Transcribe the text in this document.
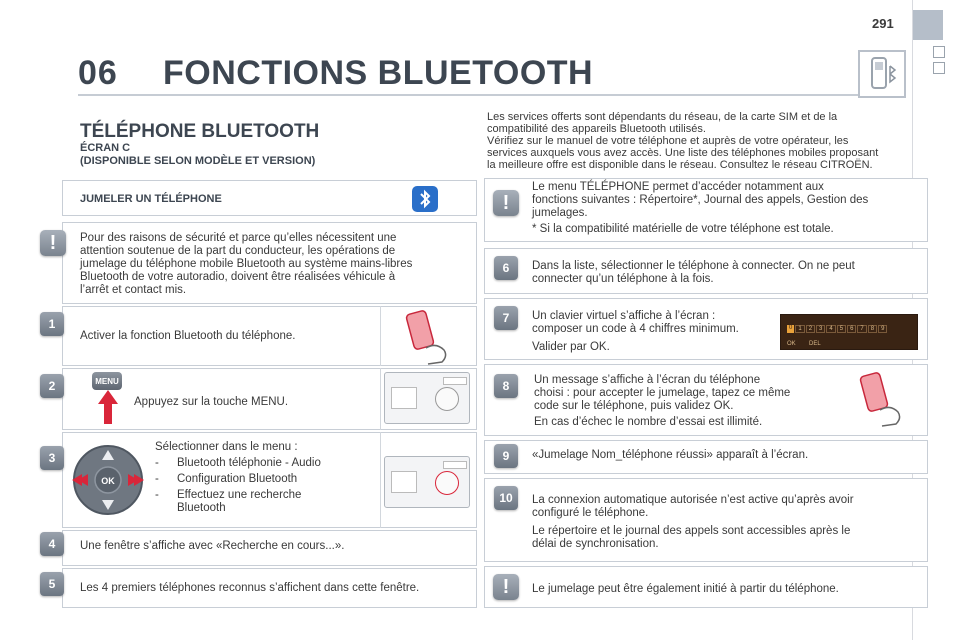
291
06 FONCTIONS BLUETOOTH
TÉLÉPHONE BLUETOOTH
ÉCRAN C
(DISPONIBLE SELON MODÈLE ET VERSION)
JUMELER UN TÉLÉPHONE
!	Pour des raisons de sécurité et parce qu’elles nécessitent une
attention soutenue de la part du conducteur, les opérations de
jumelage du téléphone mobile Bluetooth au système mains-libres
Bluetooth de votre autoradio, doivent être réalisées véhicule à
l’arrêt et contact mis.
1
Activer la fonction Bluetooth du téléphone.
2	MENU
Appuyez sur la touche MENU.
3
OK
Sélectionner dans le menu :
- Bluetooth téléphonie - Audio
- Configuration Bluetooth
- Effectuez une recherche
Bluetooth
4	Une fenêtre s’affiche avec «Recherche en cours...».
5	Les 4 premiers téléphones reconnus s’affichent dans cette fenêtre.
Les services offerts sont dépendants du réseau, de la carte SIM et de la
compatibilité des appareils Bluetooth utilisés.
Vérifiez sur le manuel de votre téléphone et auprès de votre opérateur, les
services auxquels vous avez accès. Une liste des téléphones mobiles proposant
la meilleure offre est disponible dans le réseau. Consultez le réseau CITROËN.
!
Le menu TÉLÉPHONE permet d’accéder notamment aux
fonctions suivantes : Répertoire*, Journal des appels, Gestion des
jumelages.
* Si la compatibilité matérielle de votre téléphone est totale.
6	Dans la liste, sélectionner le téléphone à connecter. On ne peut
connecter qu’un téléphone à la fois.
7	Un clavier virtuel s’affiche à l’écran :
composer un code à 4 chiffres minimum.
Valider par OK.
0	1	2	3	4	5	6	7	8	9
OK DEL
8	Un message s’affiche à l’écran du téléphone
choisi : pour accepter le jumelage, tapez ce même
code sur le téléphone, puis validez OK.
En cas d’échec le nombre d’essai est illimité.
9	«Jumelage Nom_téléphone réussi» apparaît à l’écran.
10	La connexion automatique autorisée n’est active qu’après avoir
configuré le téléphone.
Le répertoire et le journal des appels sont accessibles après le
délai de synchronisation.
!	Le jumelage peut être également initié à partir du téléphone.
